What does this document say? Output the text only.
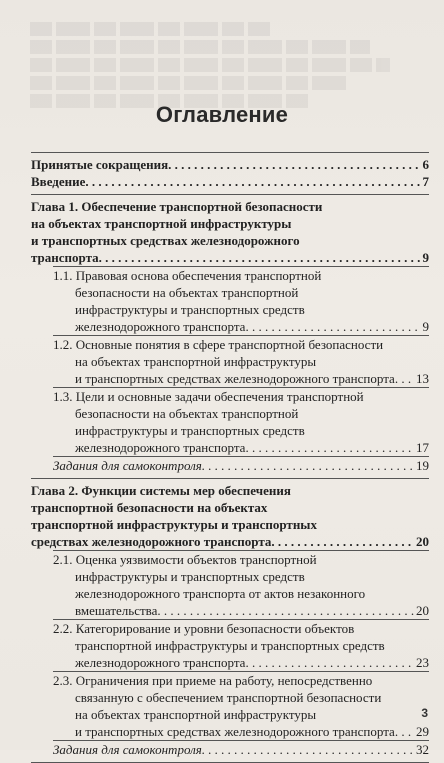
Оглавление
Принятые сокращения . . .	6
Введение . . .	7
Глава 1. Обеспечение транспортной безопасности
на объектах транспортной инфраструктуры
и транспортных средствах железнодорожного
транспорта . . .	9
1.1. Правовая основа обеспечения транспортной
безопасности на объектах транспортной
инфраструктуры и транспортных средств
железнодорожного транспорта . . .	9
1.2. Основные понятия в сфере транспортной безопасности
на объектах транспортной инфраструктуры
и транспортных средствах железнодорожного транспорта . . . 13
1.3. Цели и основные задачи обеспечения транспортной
безопасности на объектах транспортной
инфраструктуры и транспортных средств
железнодорожного транспорта . . .	17
Задания для самоконтроля . . .	19
Глава 2. Функции системы мер обеспечения
транспортной безопасности на объектах
транспортной инфраструктуры и транспортных
средствах железнодорожного транспорта . . .	20
2.1. Оценка уязвимости объектов транспортной
инфраструктуры и транспортных средств
железнодорожного транспорта от актов незаконного
вмешательства . . .	20
2.2. Категорирование и уровни безопасности объектов
транспортной инфраструктуры и транспортных средств
железнодорожного транспорта . . .	23
2.3. Ограничения при приеме на работу, непосредственно
связанную с обеспечением транспортной безопасности
на объектах транспортной инфраструктуры
и транспортных средствах железнодорожного транспорта . . . 29
Задания для самоконтроля . . .	32
3
